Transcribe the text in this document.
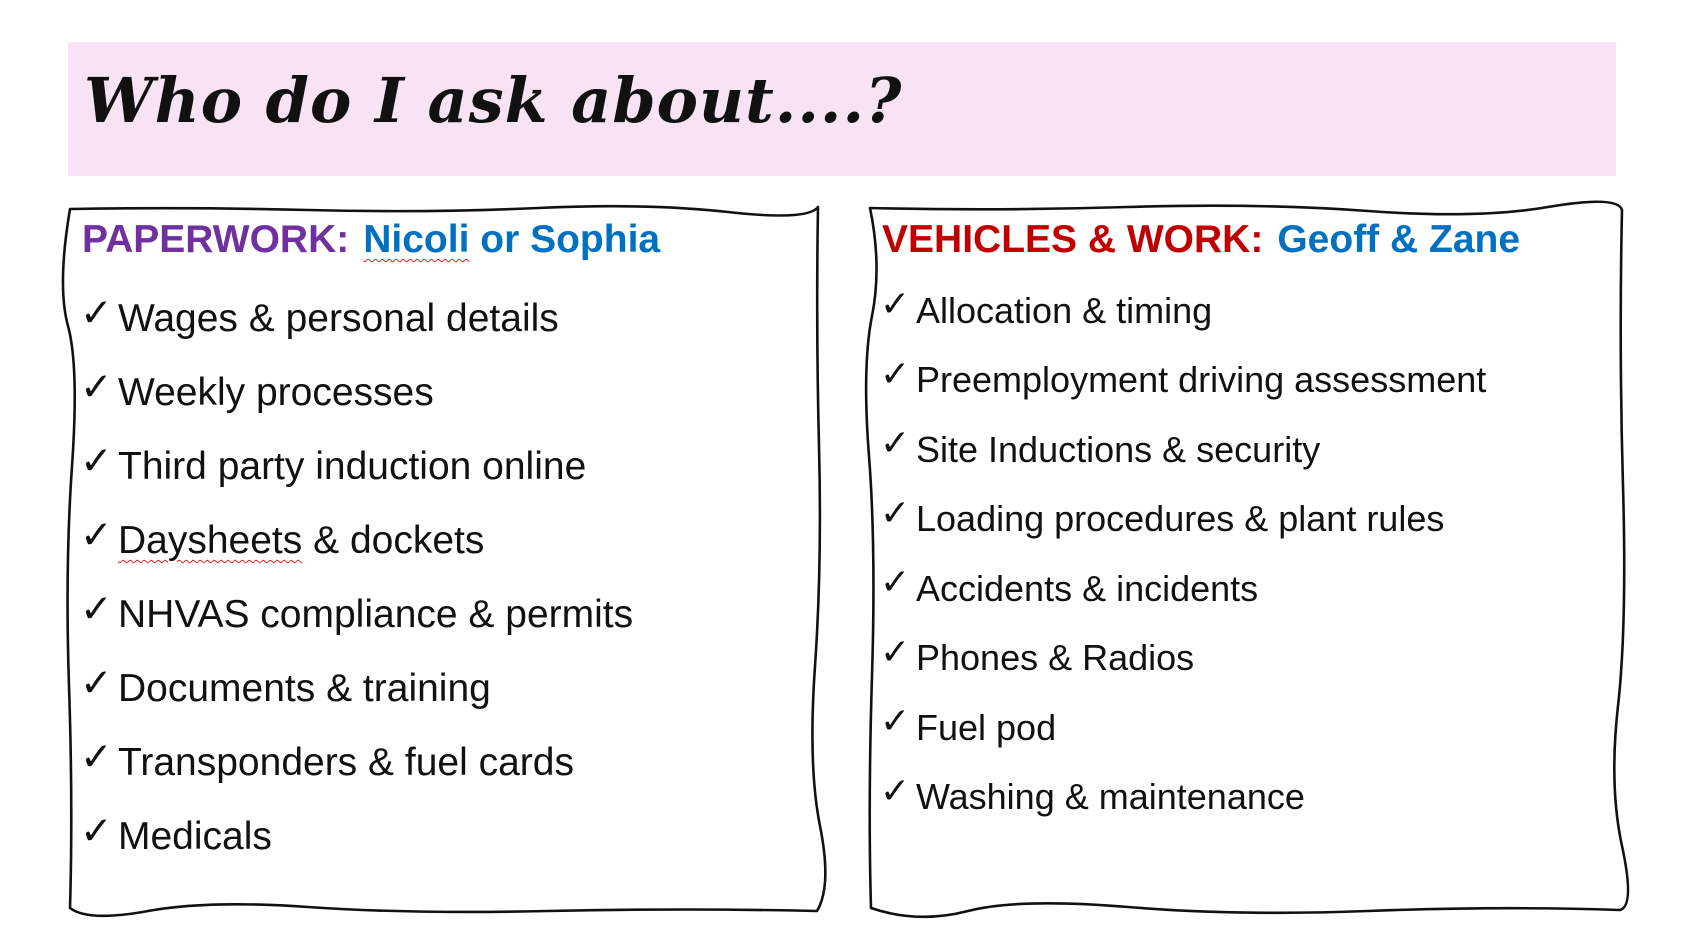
Who do I ask about....?
PAPERWORK: Nicoli or Sophia
✓ Wages & personal details
✓ Weekly processes
✓ Third party induction online
✓ Daysheets & dockets
✓ NHVAS compliance & permits
✓ Documents & training
✓ Transponders & fuel cards
✓ Medicals
VEHICLES & WORK: Geoff & Zane
✓ Allocation & timing
✓ Preemployment driving assessment
✓ Site Inductions & security
✓ Loading procedures & plant rules
✓ Accidents & incidents
✓ Phones & Radios
✓ Fuel pod
✓ Washing & maintenance
